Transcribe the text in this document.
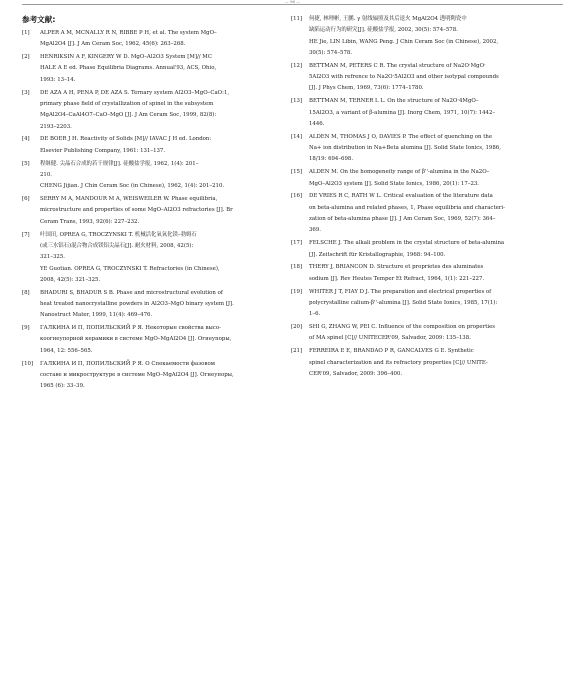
— 96 —
参考文献:
[1]	ALPER A M, MCNALLY R N, RIBBE P H, et al. The system MgO–
MgAl2O4 [J]. J Am Ceram Soc, 1962, 45(6): 263–268.
[2]	HENRIKSIN A F, KINGERY W D. MgO–Al2O3 System [M]// MC
HALE A E ed. Phase Equilibria Diagrams. Annual'93, ACS, Ohio,
1993: 13–14.
[3]	DE AZA A H, PENA P, DE AZA S. Ternary system Al2O3–MgO–CaO:1,
primary phase field of crystallization of spinel in the subsystem
MgAl2O4–CaAl4O7–CaO–MgO [J]. J Am Ceram Soc, 1999, 82(8):
2193–2203.
[4]	DE BOER J H. Reactivity of Solids [M]// IAVAC J H ed. London:
Elsevier Publishing Company, 1961: 131–137.
[5]	程继健. 尖晶石合成的若干规律[J]. 硅酸盐学报, 1962, 1(4): 201–
210.
CHENG Jijian. J Chin Ceram Soc (in Chinese), 1962, 1(4): 201–210.
[6]	SERRY M A, MANDOUR M A, WEISWEILER W. Phase equilibria,
microstructure and properties of some MgO–Al2O3 refractories [J]. Br
Ceram Trans, 1993, 92(6): 227–232.
[7]	叶国田, OPREA G, TROCZYNSKI T. 机械活化氧氧化镁–勃姆石
(或三水铝石)混合物合成镁铝尖晶石[J]. 耐火材料, 2008, 42(5):
321–325.
YE Guotian. OPREA G, TROCZYNSKI T. Refractories (in Chinese),
2008, 42(5): 321–325.
[8]	BHADURI S, BHADUR S B. Phase and microstructural evolution of
heat treated nanocrystalline powders in Al2O3–MgO binary system [J].
Nanostruct Mater, 1999, 11(4): 469–476.
[9]	ГАЛКИНА И П, ПОПИЛЬСКИЙ Р Я. Некоторые свойства высо-
коогнеупорной керамики в системе MgO–MgAl2O4 [J]. Огнеупоры,
1964, 12: 556–565.
[10]	ГАЛКИНА И П, ПОПИЛЬСКИЙ Р Я. О Спекаемости фазовом
составе и микроструктуре в системе MgO–MgAl2O4 [J]. Огнеупоры,
1965 (6): 33–39.
[11]	何捷, 林理彬, 王鹏. γ 射线辐照及其后退火 MgAl2O4 透明陶瓷中
缺陷运动行为的研究[J]. 硅酸盐学报, 2002, 30(5): 574–578.
HE Jie, LIN Libin, WANG Peng. J Chin Ceram Soc (in Chinese), 2002,
30(5): 574–578.
[12]	BETTMAN M, PETERS C R. The crystal structure of Na2O·MgO·
5Al2O3 with refrence to Na2O·5Al2O3 and other isotypal compounds
[J]. J Phys Chem, 1969, 73(6): 1774–1780.
[13]	BETTMAN M, TERNER L L. On the structure of Na2O·4MgO–
15Al2O3, a variant of β-alumina [J]. Inorg Chem, 1971, 10(7): 1442–
1446.
[14]	ALDEN M, THOMAS J O, DAVIES P. The effect of quenching on the
Na+ ion distribution in Na+Beta alumina [J]. Solid State Ionics, 1986,
18/19: 694–698.
[15]	ALDEN M. On the homogeneity range of β''-alumina in the Na2O–
MgO–Al2O3 system [J]. Solid State Ionics, 1986, 20(1): 17–23.
[16]	DE VRIES R C, RATH W L. Critical evaluation of the literature data
on beta-alumina and related phases, 1, Phase equilibria and characteri-
zation of beta-alumina phase [J]. J Am Ceram Soc, 1969, 52(7): 364–
369.
[17]	FELSCHE J. The alkali problem in the crystal structure of beta-alumina
[J]. Zeitschrift für Kristallographie, 1968: 94–100.
[18]	THERY J, BRIANCON D. Structure et proprietes des aluminates
sodium [J]. Rev Heutes Temper Et Refract, 1964, 1(1): 221–227.
[19]	WHITER J T, FIAY D J. The preparation and electrical properties of
polycrystalline calium-β''-alumina [J]. Solid State Ionics, 1985, 17(1):
1–6.
[20]	SHI G, ZHANG W, PEI C. Influence of the composition on properties
of MA spinel [C]// UNITECER'09, Salvador, 2009: 135–138.
[21]	FERREIRA E E, BRANDAO P R, GANCALVES G E. Synthetic
spinel characterization and its refractory properties [C]// UNITE-
CER'09, Salvador, 2009: 396–400.
